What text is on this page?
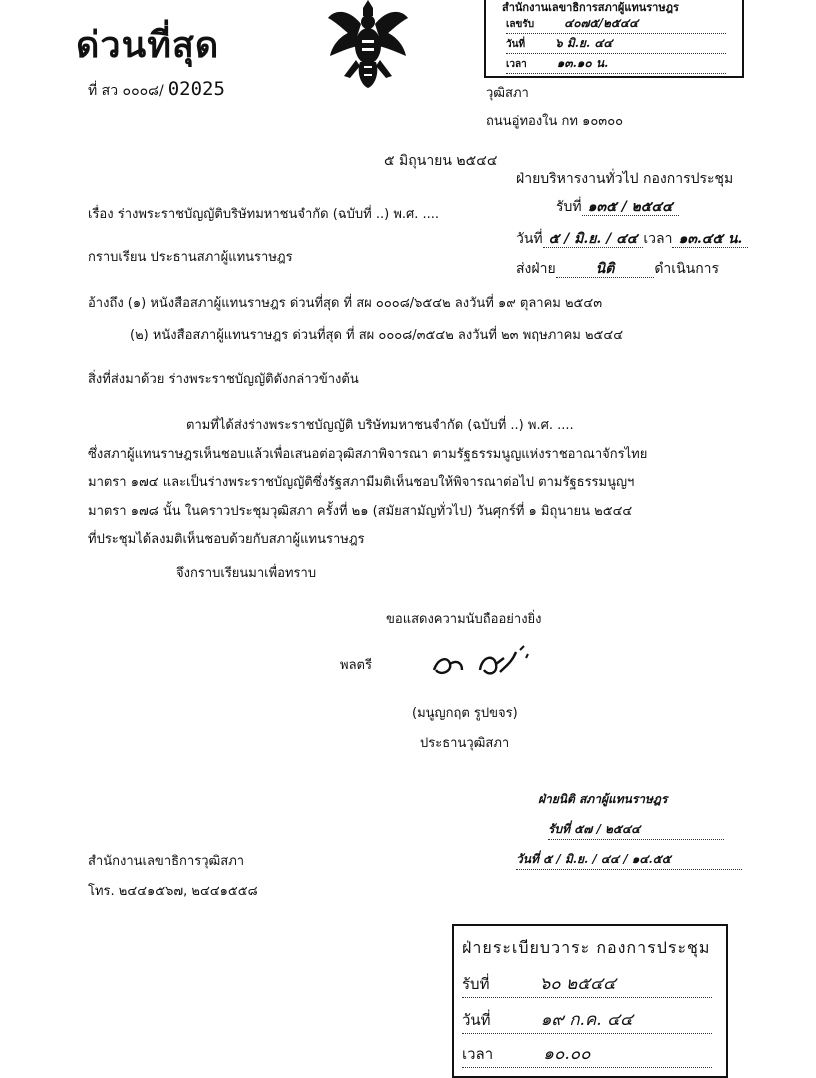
ด่วนที่สุด
ที่ สว ๐๐๐๘/ 02025
สำนักงานเลขาธิการสภาผู้แทนราษฎร
เลขรับ	๔๐๗๕/๒๕๔๔
วันที่	๖ มิ.ย. ๔๔
เวลา	๑๓.๑๐ น.
วุฒิสภา
ถนนอู่ทองใน กท ๑๐๓๐๐
๕ มิถุนายน ๒๕๔๔
ฝ่ายบริหารงานทั่วไป กองการประชุม
รับที่ ๑๓๕ / ๒๕๔๔
วันที่ ๕ / มิ.ย. / ๔๔ เวลา ๑๓.๔๕ น.
ส่งฝ่าย	นิติ	ดำเนินการ
เรื่อง ร่างพระราชบัญญัติบริษัทมหาชนจำกัด (ฉบับที่ ..) พ.ศ. ....
กราบเรียน ประธานสภาผู้แทนราษฎร
อ้างถึง (๑) หนังสือสภาผู้แทนราษฎร ด่วนที่สุด ที่ สผ ๐๐๐๘/๖๕๔๒ ลงวันที่ ๑๙ ตุลาคม ๒๕๔๓
(๒) หนังสือสภาผู้แทนราษฎร ด่วนที่สุด ที่ สผ ๐๐๐๘/๓๕๔๒ ลงวันที่ ๒๓ พฤษภาคม ๒๕๔๔
สิ่งที่ส่งมาด้วย ร่างพระราชบัญญัติดังกล่าวข้างต้น
ตามที่ได้ส่งร่างพระราชบัญญัติ บริษัทมหาชนจำกัด (ฉบับที่ ..) พ.ศ. ....
ซึ่งสภาผู้แทนราษฎรเห็นชอบแล้วเพื่อเสนอต่อวุฒิสภาพิจารณา ตามรัฐธรรมนูญแห่งราชอาณาจักรไทย
มาตรา ๑๗๔ และเป็นร่างพระราชบัญญัติซึ่งรัฐสภามีมติเห็นชอบให้พิจารณาต่อไป ตามรัฐธรรมนูญฯ
มาตรา ๑๗๘ นั้น ในคราวประชุมวุฒิสภา ครั้งที่ ๒๑ (สมัยสามัญทั่วไป) วันศุกร์ที่ ๑ มิถุนายน ๒๕๔๔
ที่ประชุมได้ลงมติเห็นชอบด้วยกับสภาผู้แทนราษฎร
จึงกราบเรียนมาเพื่อทราบ
ขอแสดงความนับถืออย่างยิ่ง
พลตรี
(มนูญกฤต รูปขจร)
ประธานวุฒิสภา
ฝ่ายนิติ สภาผู้แทนราษฎร
รับที่ ๕๗ / ๒๕๔๔
วันที่ ๕ / มิ.ย. / ๔๔ / ๑๔.๕๕
สำนักงานเลขาธิการวุฒิสภา
โทร. ๒๔๔๑๕๖๗, ๒๔๔๑๕๕๘
ฝ่ายระเบียบวาระ กองการประชุม
รับที่	๖๐ ๒๕๔๔
วันที่	๑๙ ก.ค. ๔๔
เวลา	๑๐.๐๐
